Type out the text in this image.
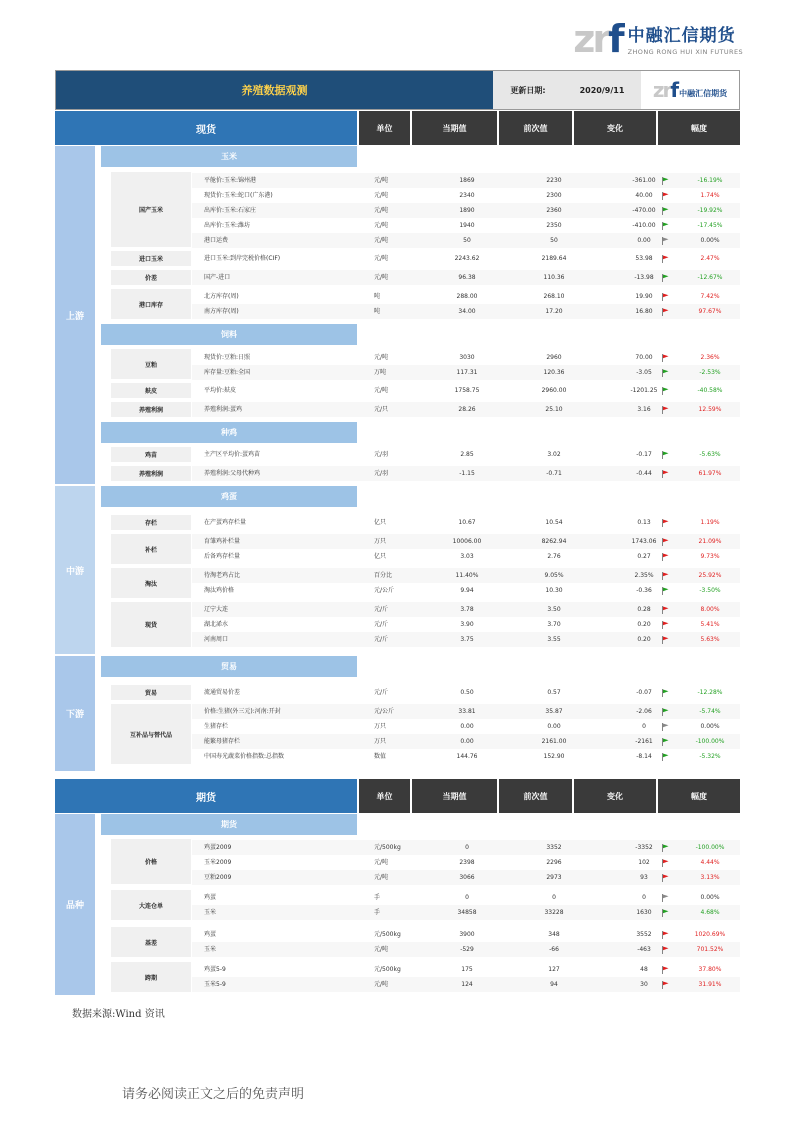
zrf 中融汇信期货
ZHONG RONG HUI XIN FUTURES
养殖数据观测	更新日期:	2020/9/11	zrf 中融汇信期货
现货	单位	当期值	前次值	变化	幅度
上游
中游
下游
玉米
饲料
种鸡
鸡蛋
贸易
国产玉米
进口玉米
价差
港口库存
豆粕
麸皮
养殖利润
鸡苗
养殖利润
存栏
补栏
淘汰
现货
贸易
互补品与替代品
平舱价:玉米:锦州港	元/吨	1869	2230	-361.00	-16.19%
现货价:玉米:蛇口(广东港)	元/吨	2340	2300	40.00	1.74%
出库价:玉米:石家庄	元/吨	1890	2360	-470.00	-19.92%
出库价:玉米:潍坊	元/吨	1940	2350	-410.00	-17.45%
港口运费	元/吨	50	50	0.00	0.00%
进口玉米:到岸完税价格(CIF)	元/吨	2243.62	2189.64	53.98	2.47%
国产-进口	元/吨	96.38	110.36	-13.98	-12.67%
北方库存(周)	吨	288.00	268.10	19.90	7.42%
南方库存(周)	吨	34.00	17.20	16.80	97.67%
现货价:豆粕:日照	元/吨	3030	2960	70.00	2.36%
库存量:豆粕:全国	万吨	117.31	120.36	-3.05	-2.53%
平均价:麸皮	元/吨	1758.75	2960.00	-1201.25	-40.58%
养殖利润:蛋鸡	元/只	28.26	25.10	3.16	12.59%
主产区平均价:蛋鸡苗	元/羽	2.85	3.02	-0.17	-5.63%
养殖利润:父母代种鸡	元/羽	-1.15	-0.71	-0.44	61.97%
在产蛋鸡存栏量	亿只	10.67	10.54	0.13	1.19%
育雏鸡补栏量	万只	10006.00	8262.94	1743.06	21.09%
后备鸡存栏量	亿只	3.03	2.76	0.27	9.73%
待淘老鸡占比	百分比	11.40%	9.05%	2.35%	25.92%
淘汰鸡价格	元/公斤	9.94	10.30	-0.36	-3.50%
辽宁大连	元/斤	3.78	3.50	0.28	8.00%
湖北浠水	元/斤	3.90	3.70	0.20	5.41%
河南周口	元/斤	3.75	3.55	0.20	5.63%
流通贸易价差	元/斤	0.50	0.57	-0.07	-12.28%
价格:生猪(外三元):河南:开封	元/公斤	33.81	35.87	-2.06	-5.74%
生猪存栏	万只	0.00	0.00	0	0.00%
能繁母猪存栏	万只	0.00	2161.00	-2161	-100.00%
中国寿光蔬菜价格指数:总指数	数值	144.76	152.90	-8.14	-5.32%
期货	单位	当期值	前次值	变化	幅度
品种
期货
价格
大连仓单
基差
跨期
鸡蛋2009	元/500kg	0	3352	-3352	-100.00%
玉米2009	元/吨	2398	2296	102	4.44%
豆粕2009	元/吨	3066	2973	93	3.13%
鸡蛋	手	0	0	0	0.00%
玉米	手	34858	33228	1630	4.68%
鸡蛋	元/500kg	3900	348	3552	1020.69%
玉米	元/吨	-529	-66	-463	701.52%
鸡蛋5-9	元/500kg	175	127	48	37.80%
玉米5-9	元/吨	124	94	30	31.91%
数据来源:Wind 资讯
请务必阅读正文之后的免责声明
